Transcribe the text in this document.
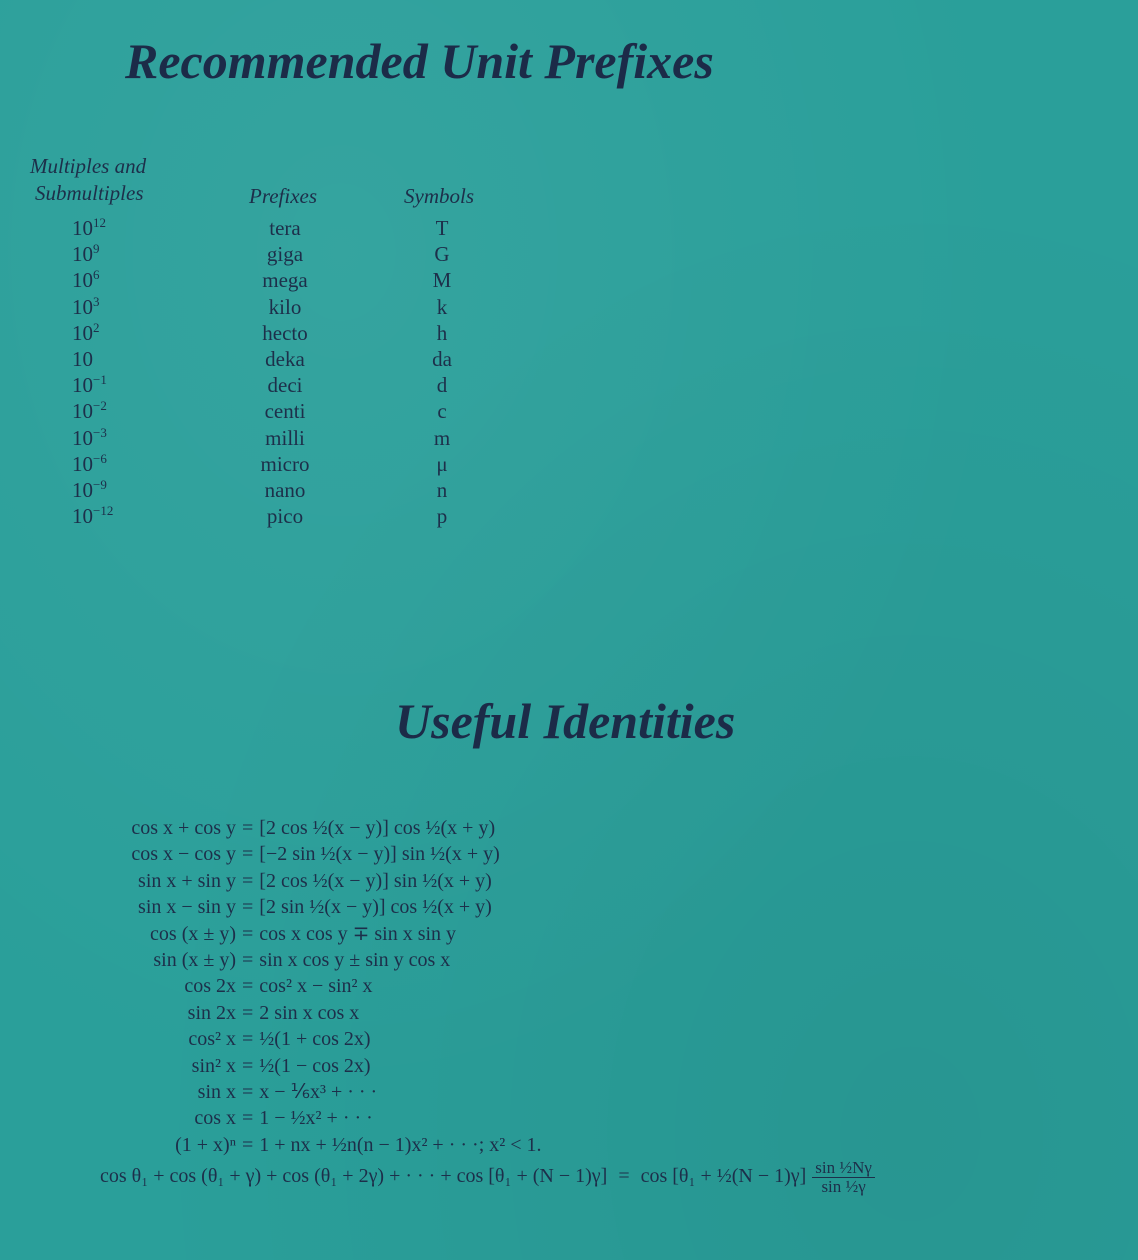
Recommended Unit Prefixes
Multiples and
Submultiples	Prefixes	Symbols
$10^{12}$	tera	T
$10^9$	giga	G
$10^6$	mega	M
$10^3$	kilo	k
$10^2$	hecto	h
10	deka	da
$10^{-1}$	deci	d
$10^{-2}$	centi	c
$10^{-3}$	milli	m
$10^{-6}$	micro	μ
$10^{-9}$	nano	n
$10^{-12}$	pico	p
Useful Identities
cos x + cos y = [2 cos ½(x − y)] cos ½(x + y)
cos x − cos y = [−2 sin ½(x − y)] sin ½(x + y)
sin x + sin y = [2 cos ½(x − y)] sin ½(x + y)
sin x − sin y = [2 sin ½(x − y)] cos ½(x + y)
cos (x ± y) = cos x cos y ∓ sin x sin y
sin (x ± y) = sin x cos y ± sin y cos x
cos 2x = cos² x − sin² x
sin 2x = 2 sin x cos x
cos² x = ½(1 + cos 2x)
sin² x = ½(1 − cos 2x)
sin x = x − ⅙x³ + · · ·
cos x = 1 − ½x² + · · ·
(1 + x)ⁿ = 1 + nx + ½n(n − 1)x² + · · ·; x² < 1.
cos θ₁ + cos (θ₁ + γ) + cos (θ₁ + 2γ) + · · · + cos [θ₁ + (N − 1)γ] = cos [θ₁ + ½(N − $1)\gamma] \frac{\text{sin ½Nγ}}{\text{sin ½γ}}$
